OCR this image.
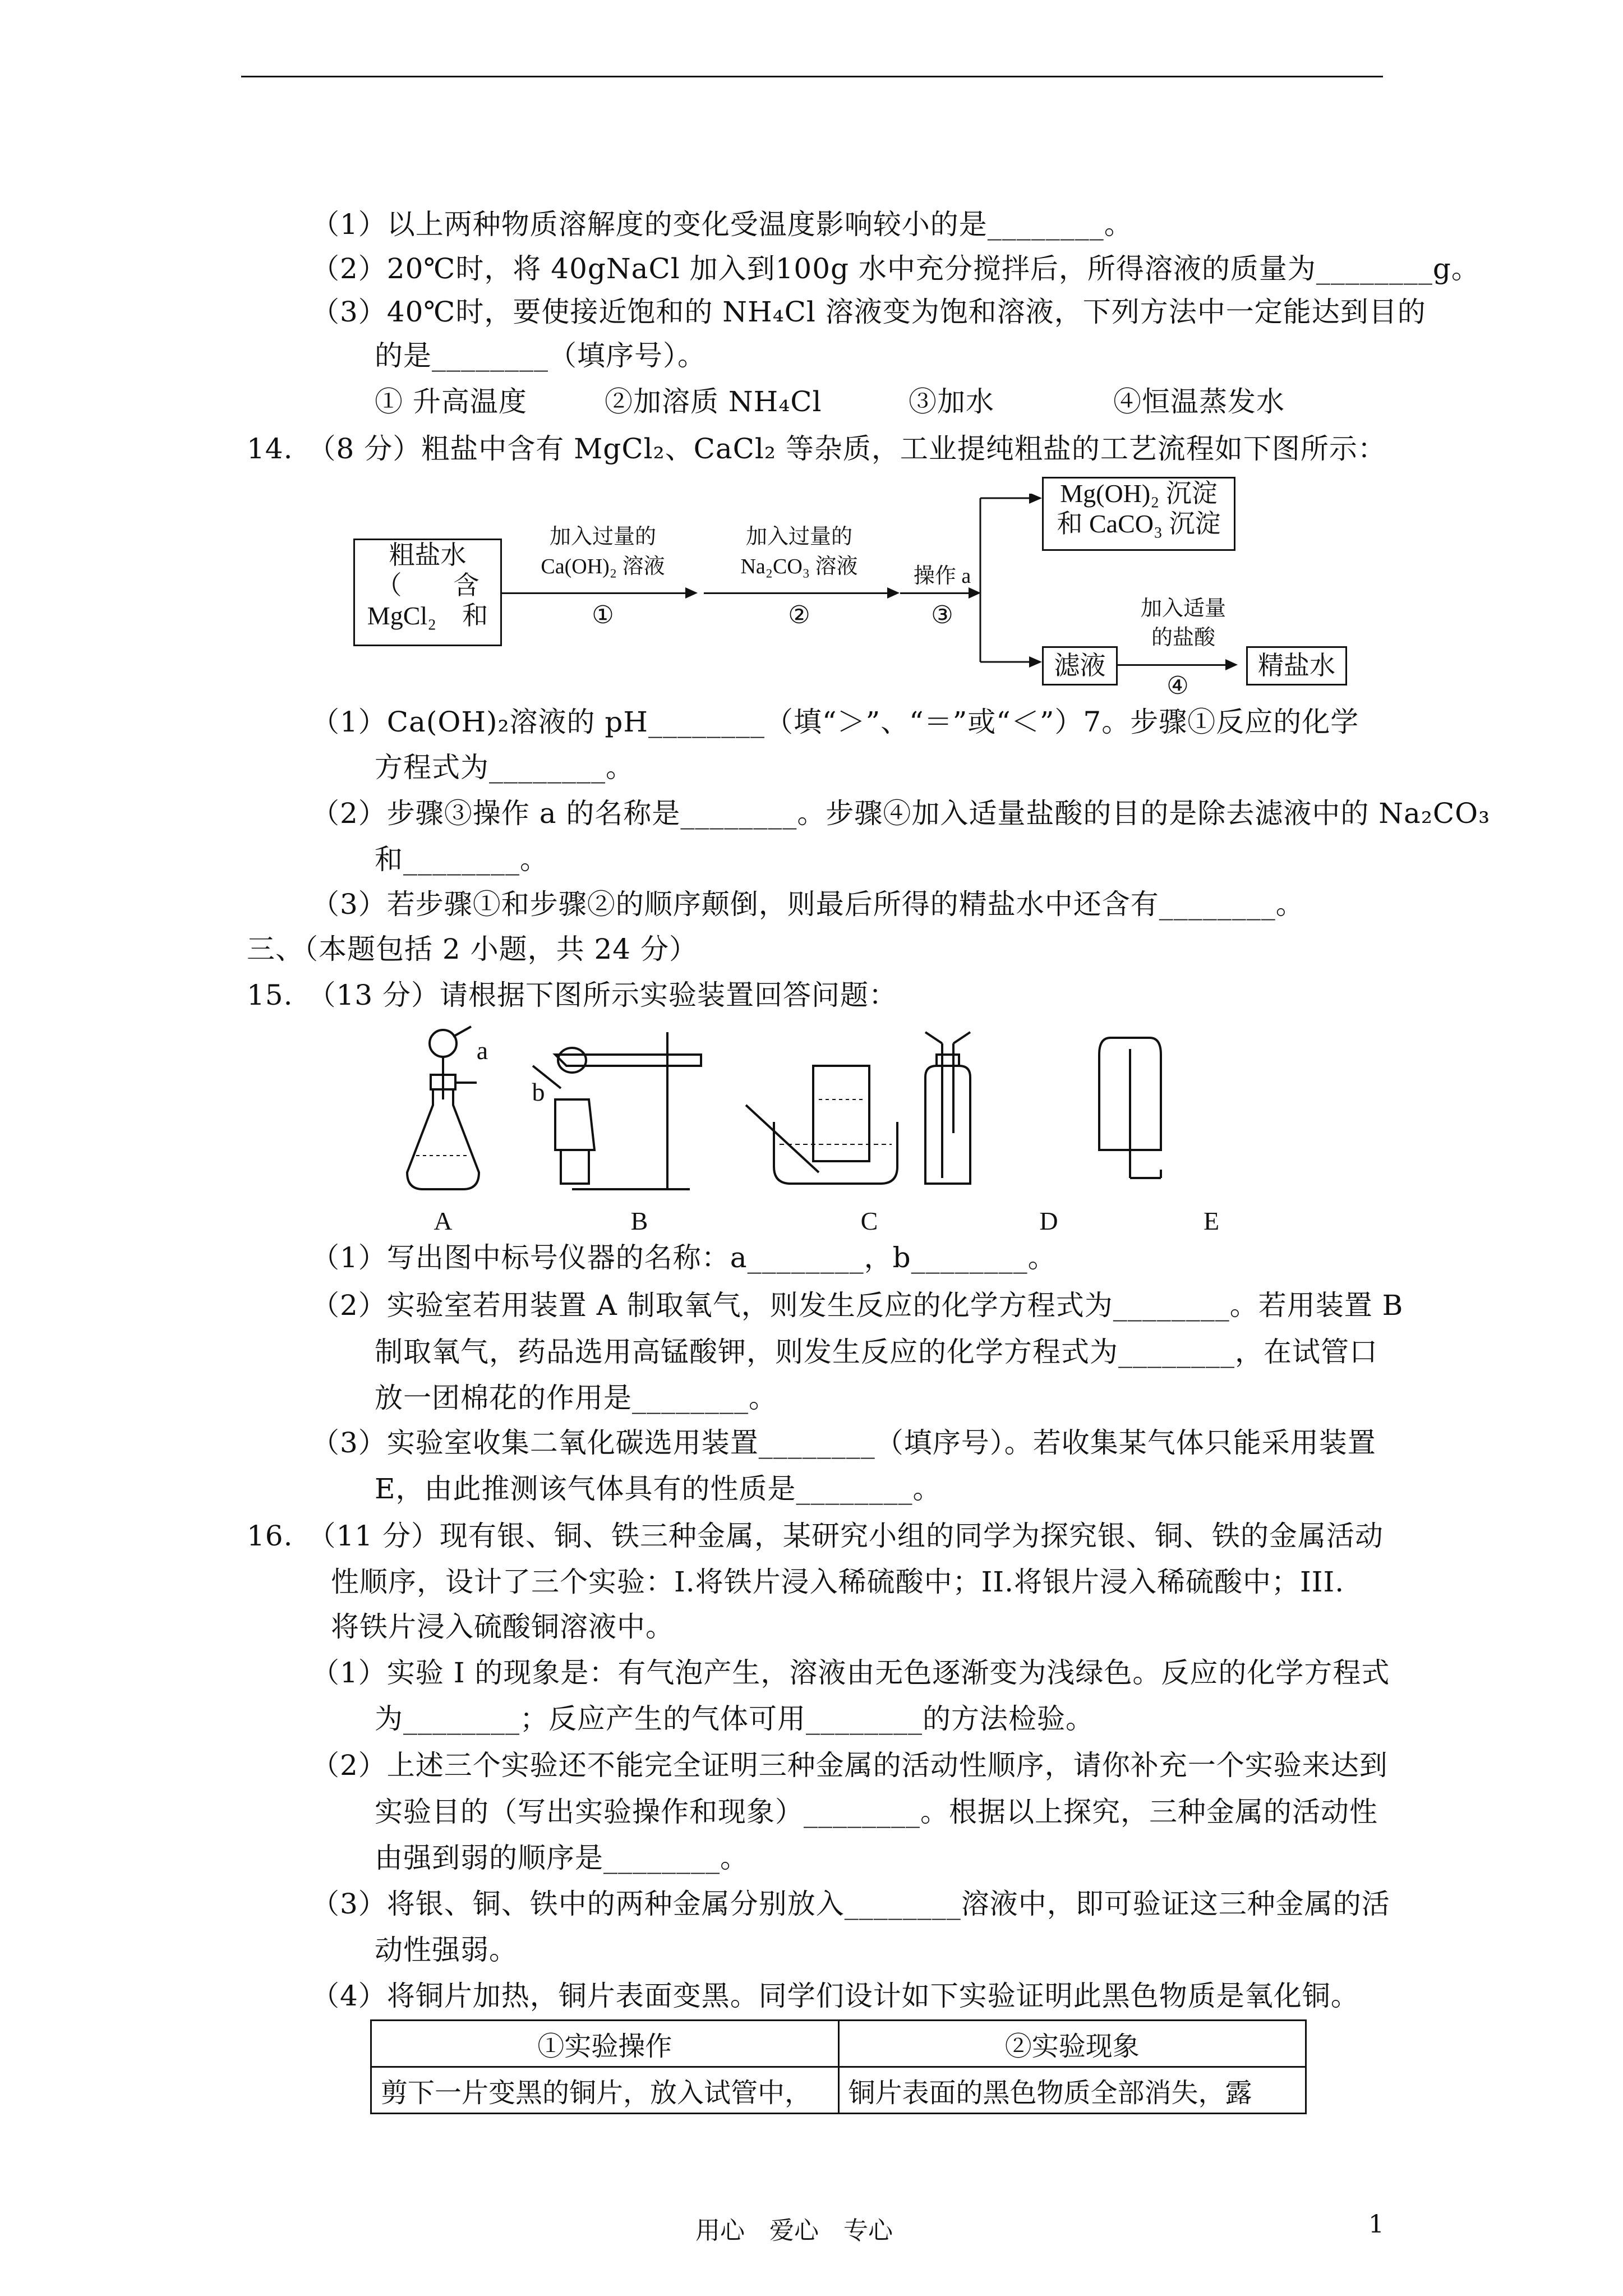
（1）以上两种物质溶解度的变化受温度影响较小的是________。
（2）20℃时，将 40gNaCl 加入到100g 水中充分搅拌后，所得溶液的质量为________g。
（3）40℃时，要使接近饱和的 NH₄Cl 溶液变为饱和溶液，下列方法中一定能达到目的
的是________（填序号）。
① 升高温度	②加溶质 NH₄Cl	③加水	④恒温蒸发水
14.　（8 分）粗盐中含有 MgCl₂、CaCl₂ 等杂质，工业提纯粗盐的工艺流程如下图所示：
粗盐水
（　　含
MgCl₂　和
加入过量的
Ca(OH)₂ 溶液
①
加入过量的
Na₂CO₃ 溶液
②
操作 a
③
Mg(OH)₂ 沉淀
和 CaCO₃ 沉淀
滤液
加入适量
的盐酸
④
精盐水
（1）Ca(OH)₂溶液的 pH________（填“＞”、“＝”或“＜”）7。步骤①反应的化学
方程式为________。
（2）步骤③操作 a 的名称是________。步骤④加入适量盐酸的目的是除去滤液中的 Na₂CO₃
和________。
（3）若步骤①和步骤②的顺序颠倒，则最后所得的精盐水中还含有________。
三、（本题包括 2 小题，共 24 分）
15.　（13 分）请根据下图所示实验装置回答问题：
a
b
A	B	C	D	E
（1）写出图中标号仪器的名称：a________，b________。
（2）实验室若用装置 A 制取氧气，则发生反应的化学方程式为________。若用装置 B
制取氧气，药品选用高锰酸钾，则发生反应的化学方程式为________，在试管口
放一团棉花的作用是________。
（3）实验室收集二氧化碳选用装置________（填序号）。若收集某气体只能采用装置
E，由此推测该气体具有的性质是________。
16.　（11 分）现有银、铜、铁三种金属，某研究小组的同学为探究银、铜、铁的金属活动
性顺序，设计了三个实验：I.将铁片浸入稀硫酸中；II.将银片浸入稀硫酸中；III.
将铁片浸入硫酸铜溶液中。
（1）实验 I 的现象是：有气泡产生，溶液由无色逐渐变为浅绿色。反应的化学方程式
为________；反应产生的气体可用________的方法检验。
（2）上述三个实验还不能完全证明三种金属的活动性顺序，请你补充一个实验来达到
实验目的（写出实验操作和现象）________。根据以上探究，三种金属的活动性
由强到弱的顺序是________。
（3）将银、铜、铁中的两种金属分别放入________溶液中，即可验证这三种金属的活
动性强弱。
（4）将铜片加热，铜片表面变黑。同学们设计如下实验证明此黑色物质是氧化铜。
①实验操作	②实验现象
剪下一片变黑的铜片，放入试管中，	铜片表面的黑色物质全部消失，露
用心　爱心　专心	1
